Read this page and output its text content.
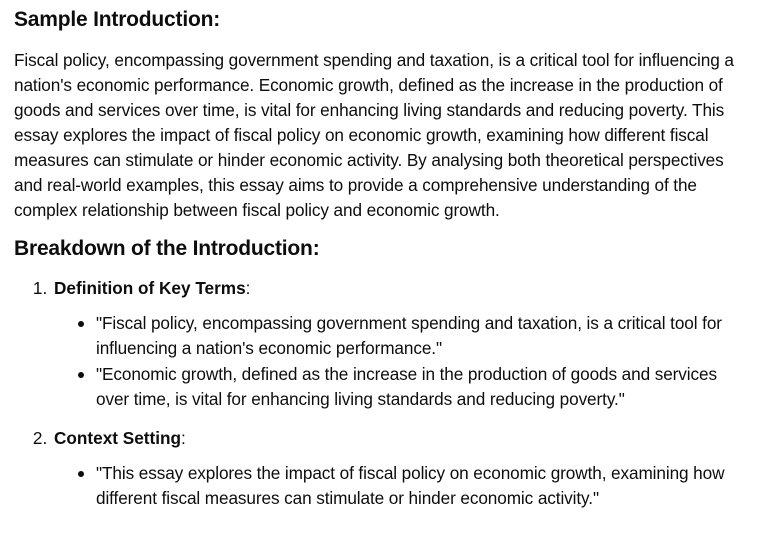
Sample Introduction:

Fiscal policy, encompassing government spending and taxation, is a critical tool for influencing a nation's economic performance. Economic growth, defined as the increase in the production of goods and services over time, is vital for enhancing living standards and reducing poverty. This essay explores the impact of fiscal policy on economic growth, examining how different fiscal measures can stimulate or hinder economic activity. By analysing both theoretical perspectives and real-world examples, this essay aims to provide a comprehensive understanding of the complex relationship between fiscal policy and economic growth.

Breakdown of the Introduction:
1. Definition of Key Terms:
"Fiscal policy, encompassing government spending and taxation, is a critical tool for influencing a nation's economic performance."
"Economic growth, defined as the increase in the production of goods and services over time, is vital for enhancing living standards and reducing poverty."
2. Context Setting:
"This essay explores the impact of fiscal policy on economic growth, examining how different fiscal measures can stimulate or hinder economic activity."
